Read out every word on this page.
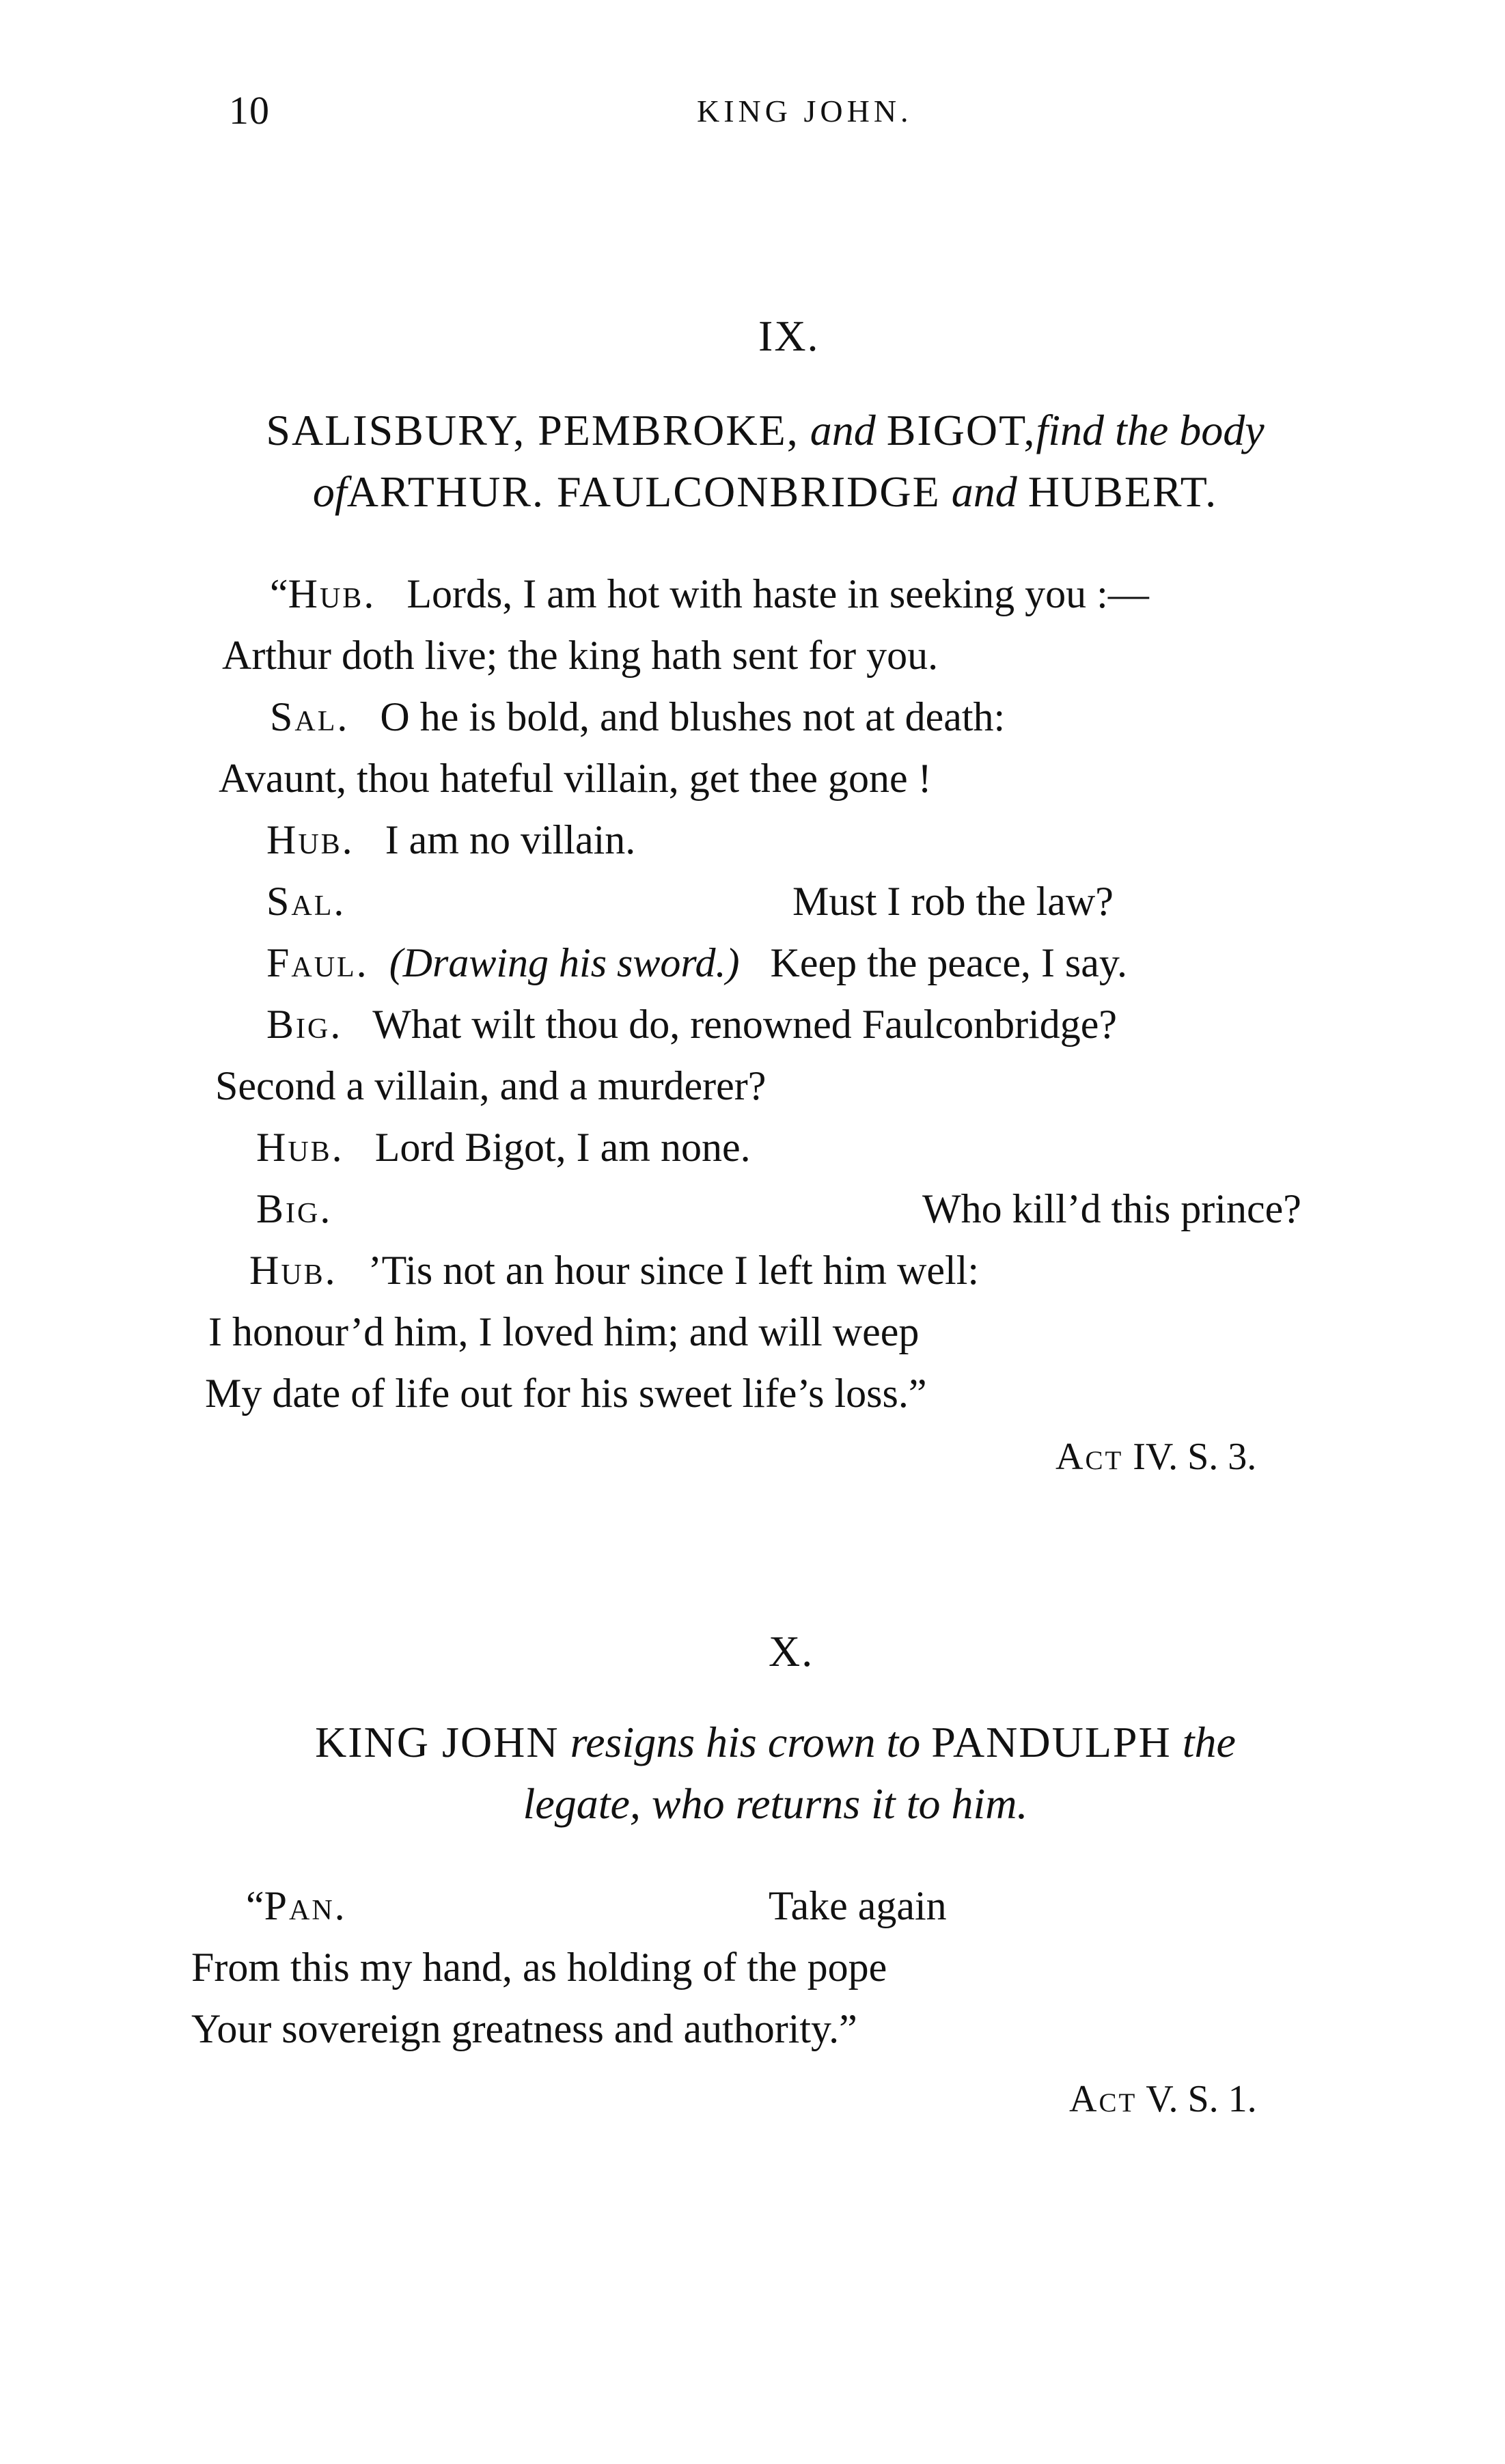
10	KING JOHN.
IX.
SALISBURY, PEMBROKE, and BIGOT,find the body
ofARTHUR. FAULCONBRIDGE and HUBERT.
“Hub. Lords, I am hot with haste in seeking you :—
Arthur doth live; the king hath sent for you.
Sal. O he is bold, and blushes not at death:
Avaunt, thou hateful villain, get thee gone !
Hub. I am no villain.
Sal.	Must I rob the law?
Faul. (Drawing his sword.) Keep the peace, I say.
Big. What wilt thou do, renowned Faulconbridge?
Second a villain, and a murderer?
Hub. Lord Bigot, I am none.
Big.	Who kill’d this prince?
Hub. ’Tis not an hour since I left him well:
I honour’d him, I loved him; and will weep
My date of life out for his sweet life’s loss.”
Act IV. S. 3.
X.
KING JOHN resigns his crown to PANDULPH the
legate, who returns it to him.
“Pan.	Take again
From this my hand, as holding of the pope
Your sovereign greatness and authority.”
Act V. S. 1.
